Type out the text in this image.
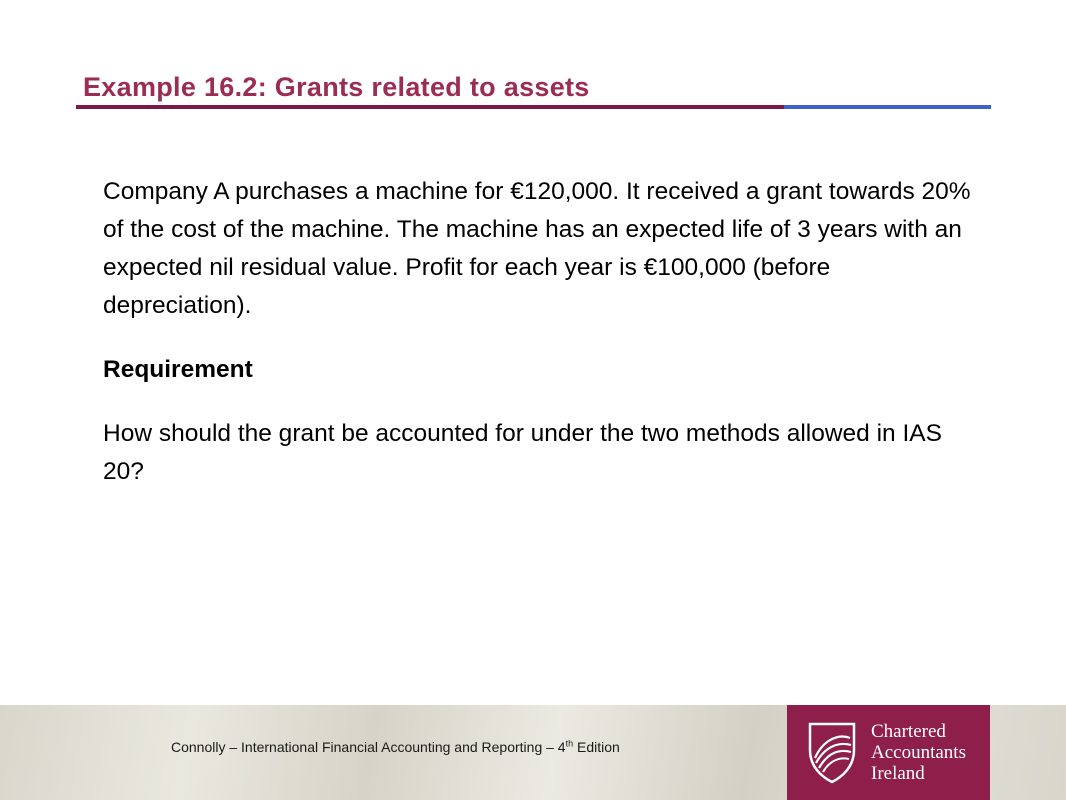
Example 16.2: Grants related to assets

Company A purchases a machine for €120,000. It received a grant towards 20% of the cost of the machine. The machine has an expected life of 3 years with an expected nil residual value. Profit for each year is €100,000 (before depreciation).

Requirement

How should the grant be accounted for under the two methods allowed in IAS 20?

Connolly – International Financial Accounting and Reporting – 4th Edition
Chartered
Accountants
Ireland
